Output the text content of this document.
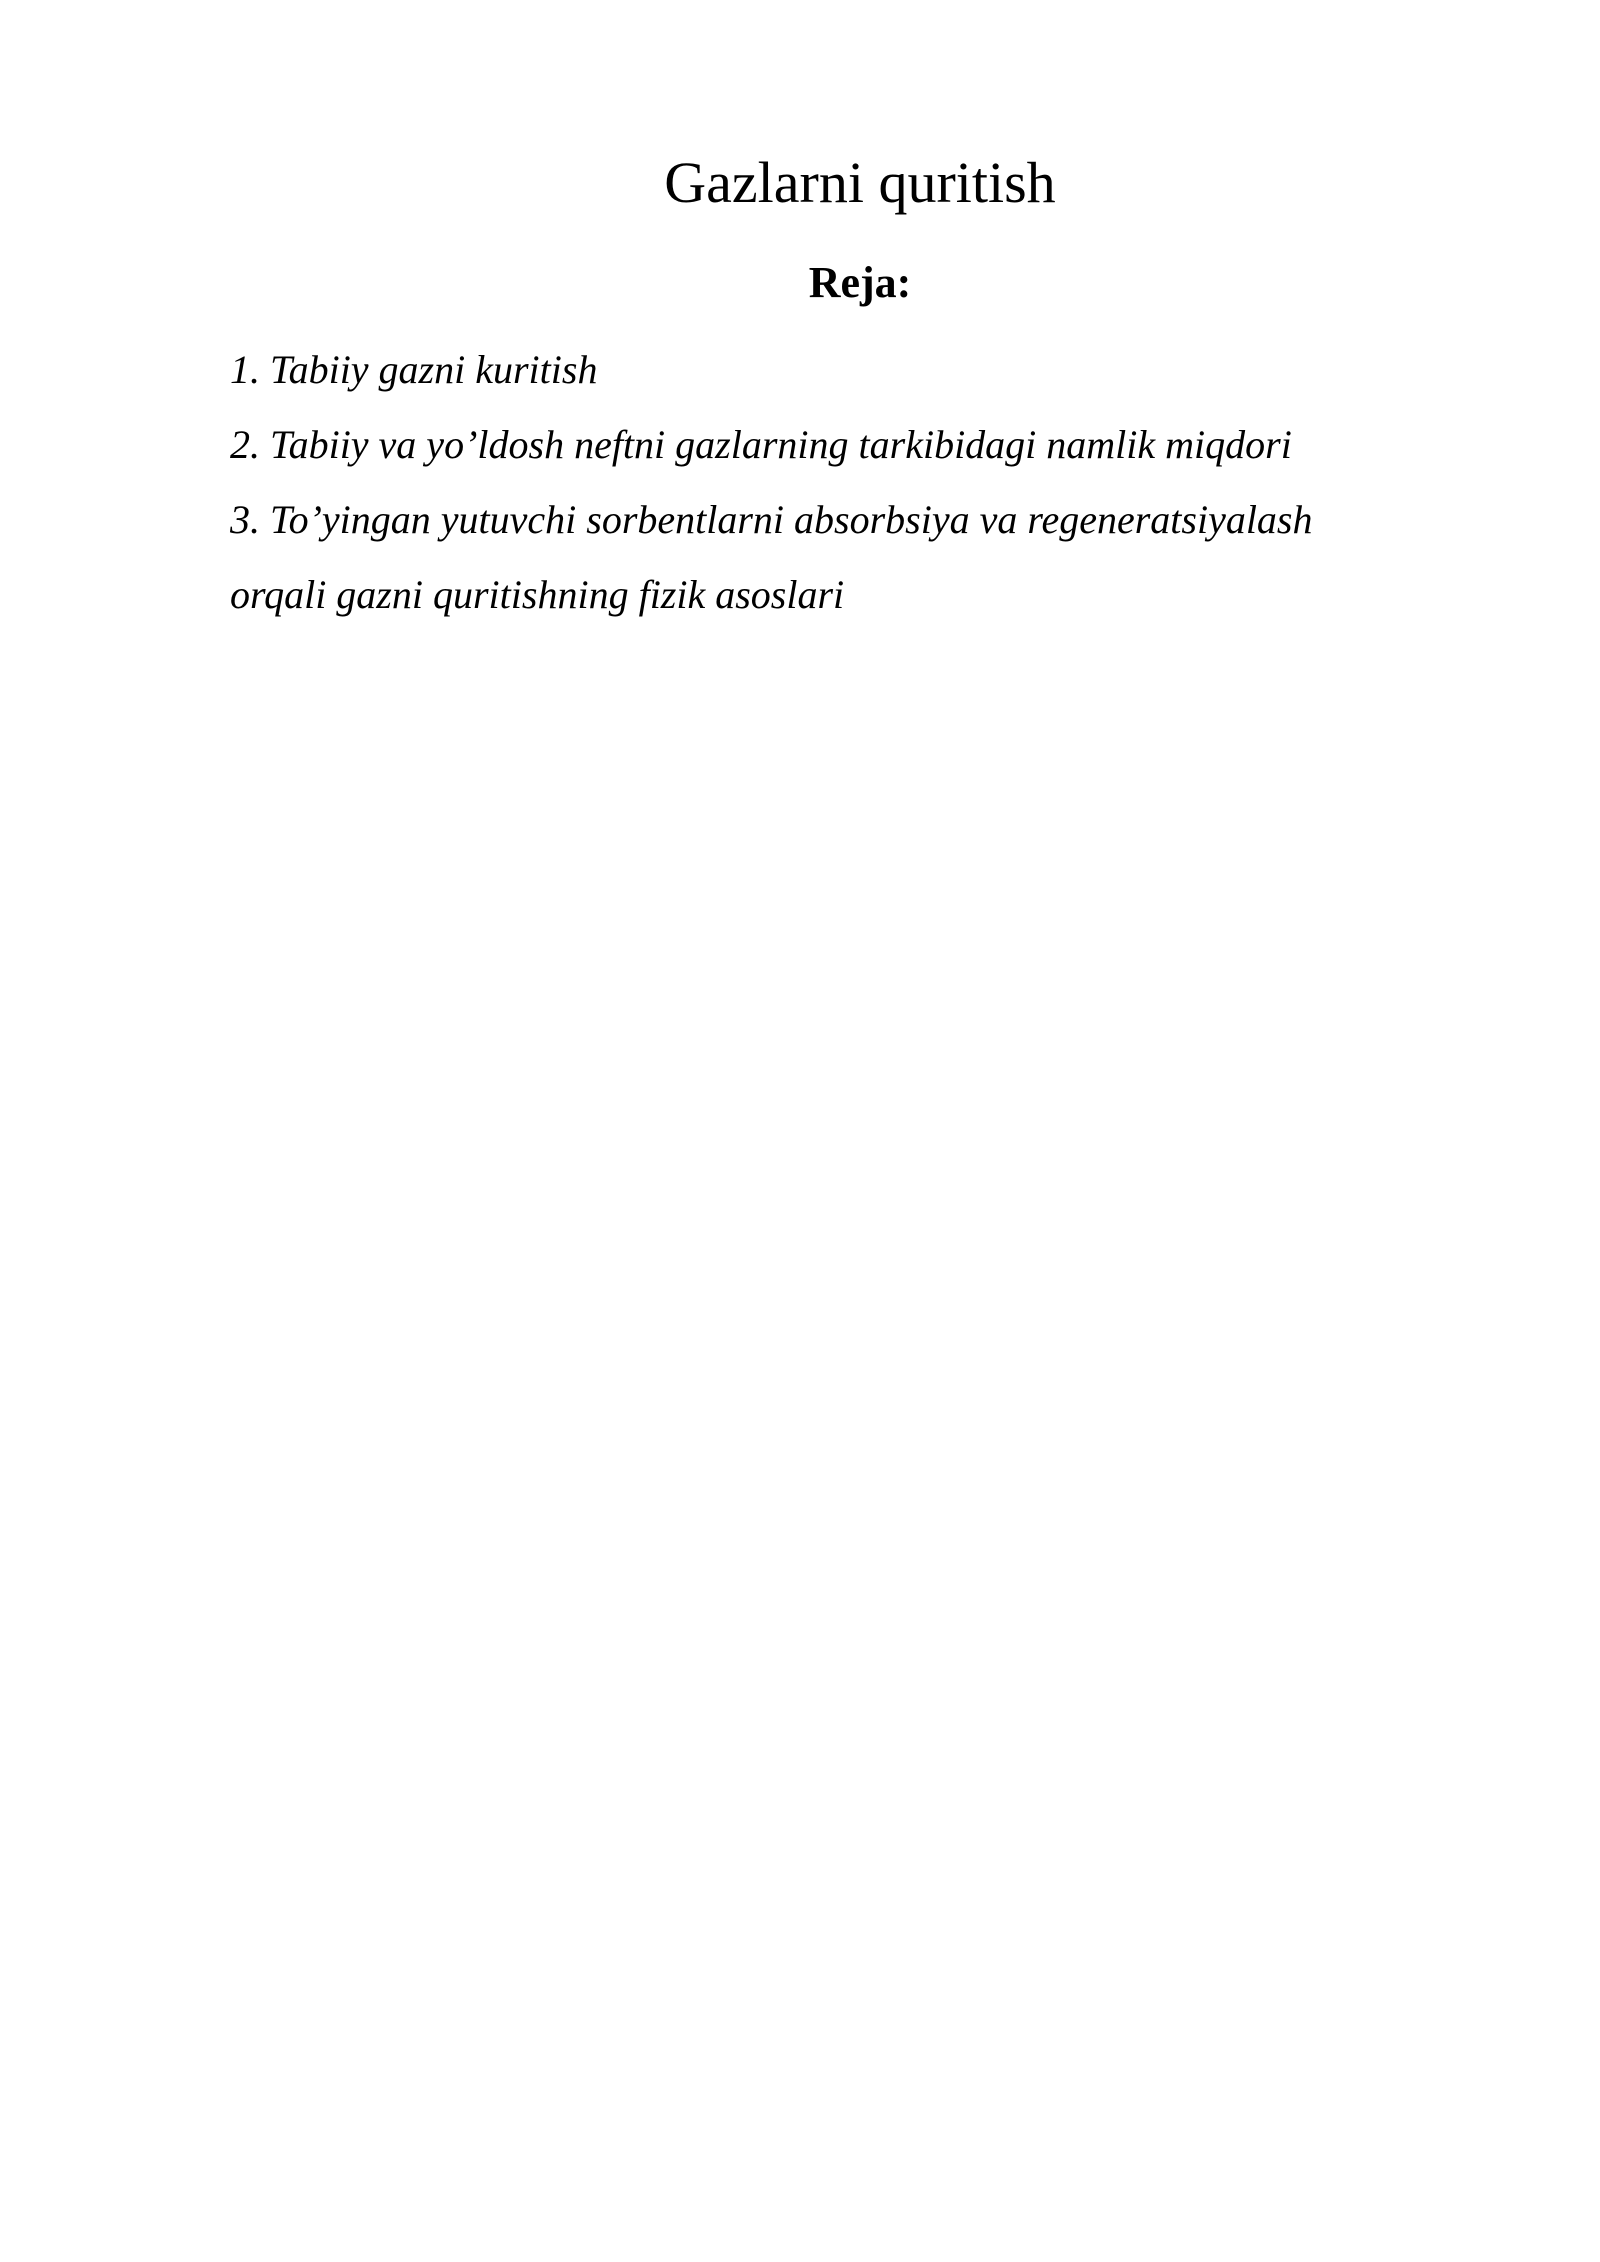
Gazlarni quritish
Reja:
1. Tabiiy gazni kuritish
2. Tabiiy va yo’ldosh neftni gazlarning tarkibidagi namlik miqdori
3. To’yingan yutuvchi sorbentlarni absorbsiya va regeneratsiyalash
orqali gazni quritishning fizik asoslari
